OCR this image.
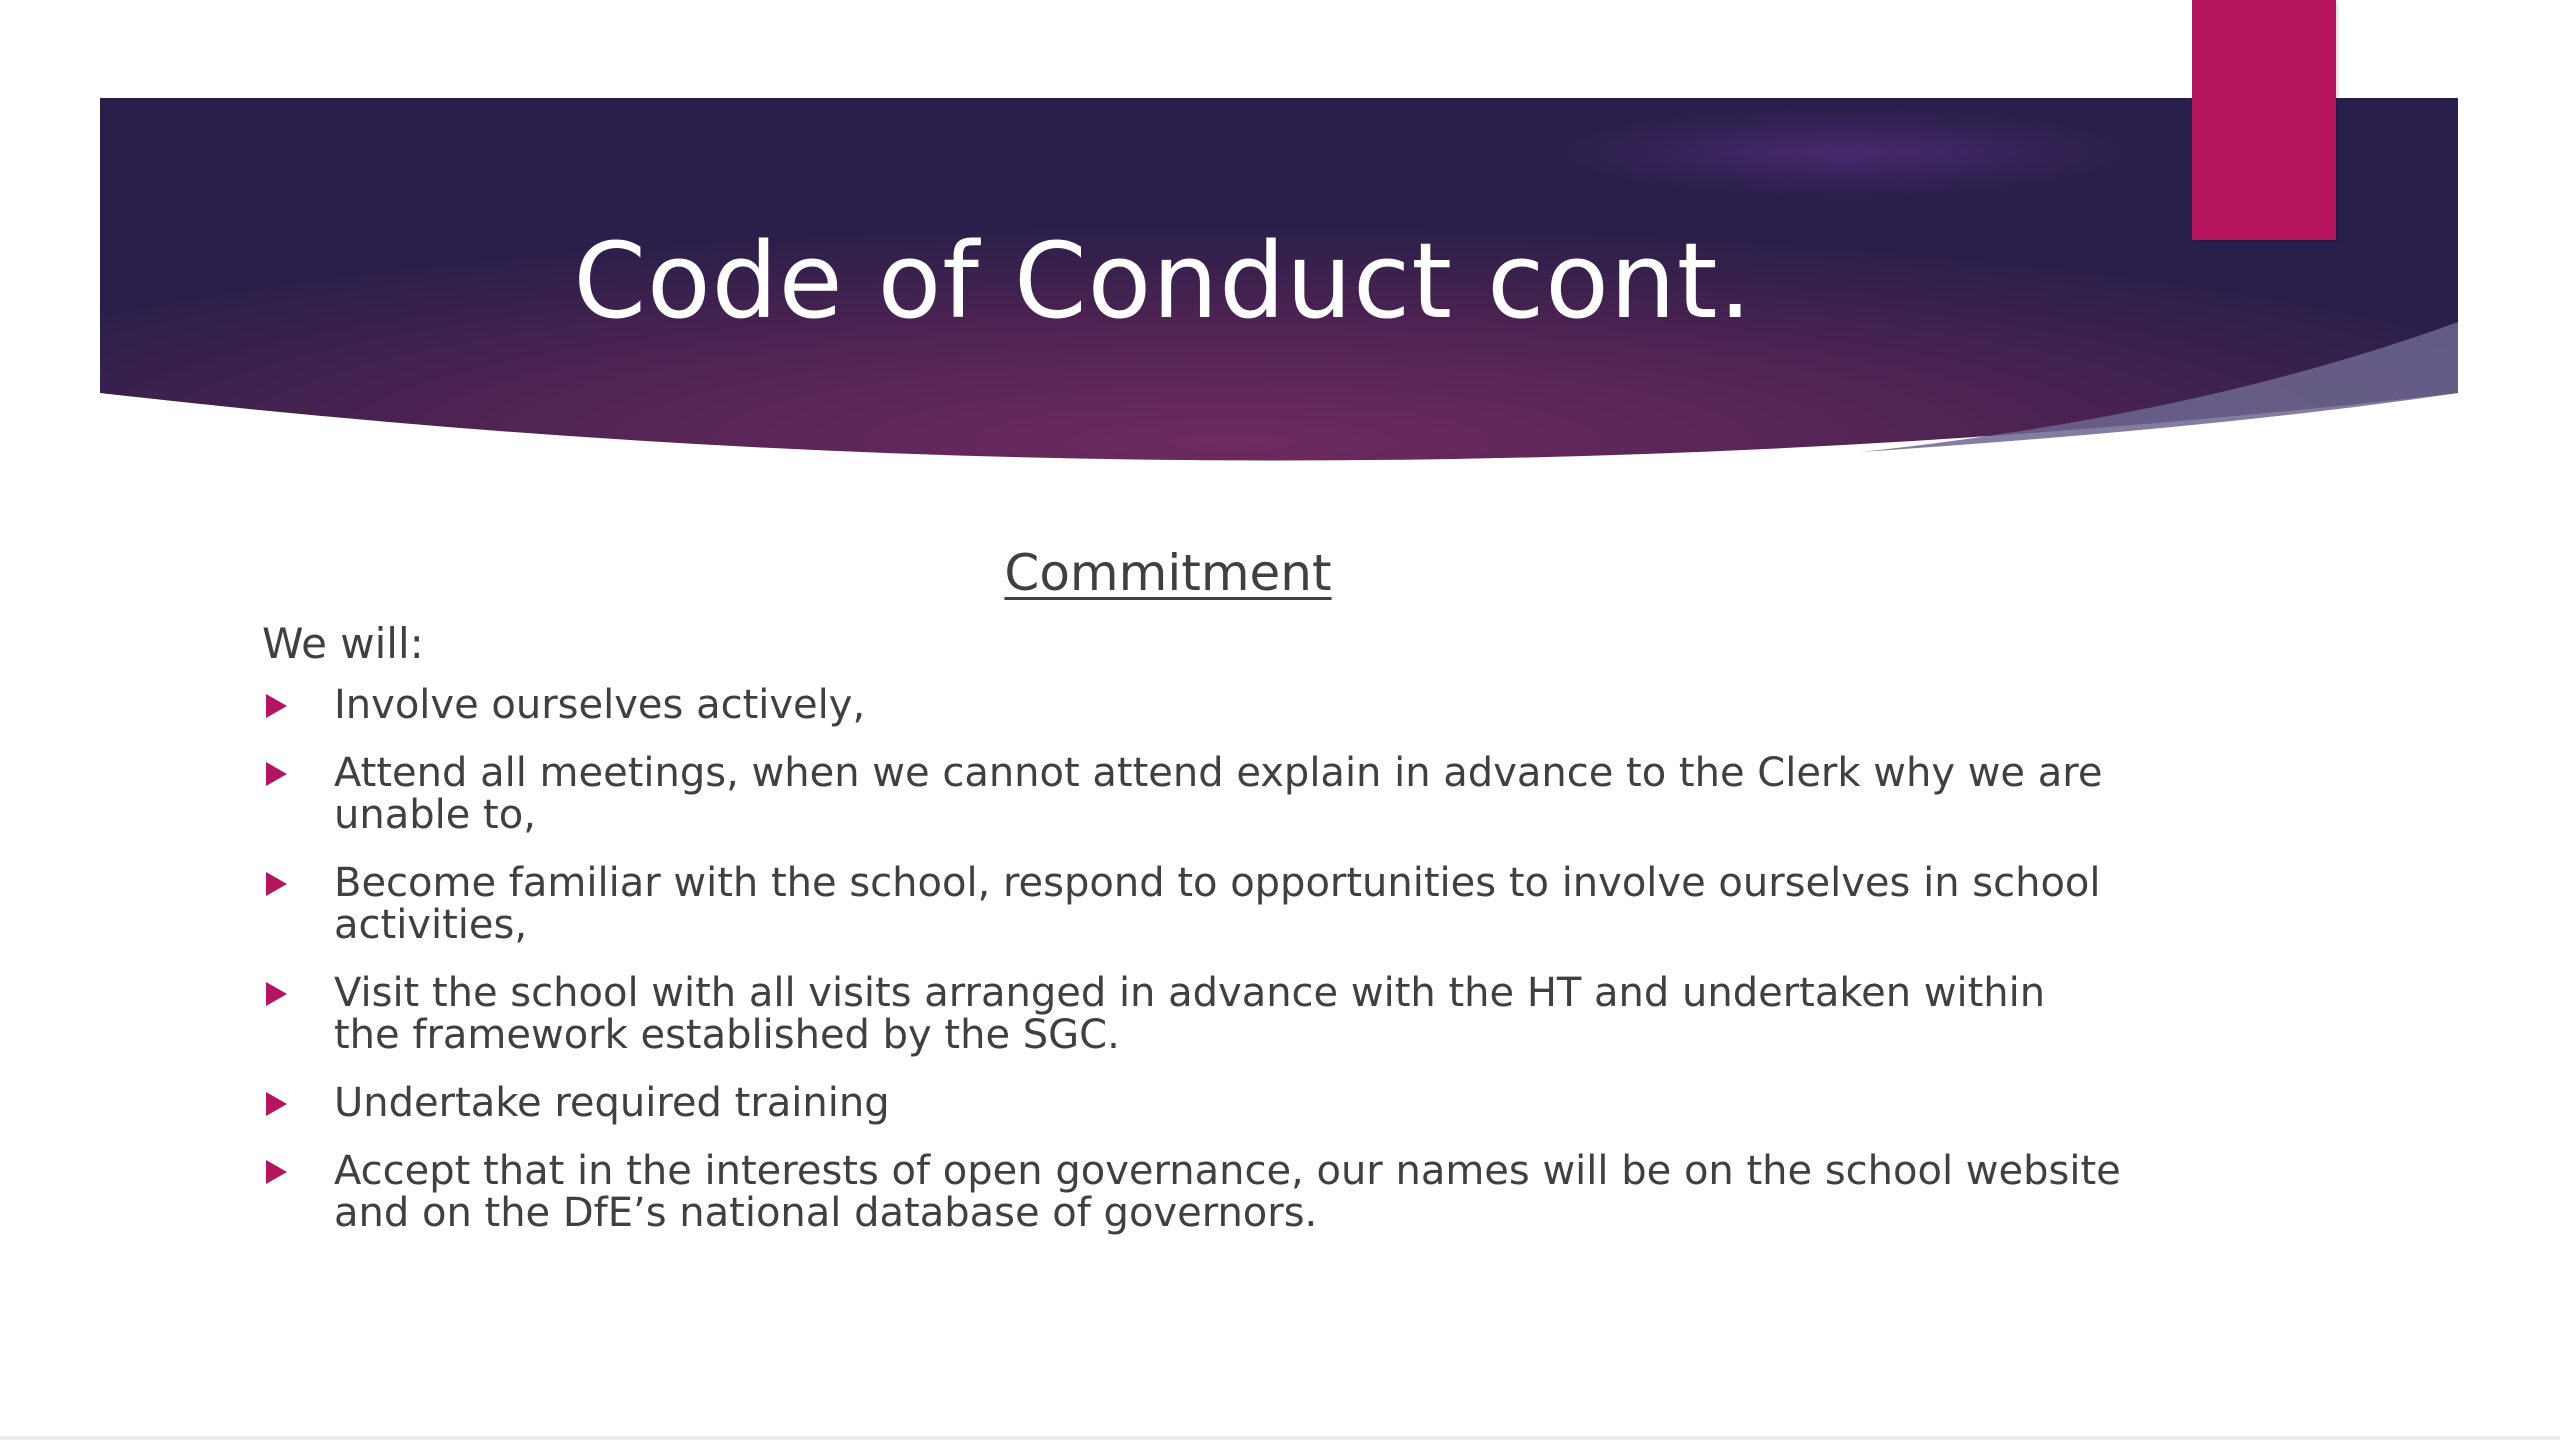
Code of Conduct cont.
Commitment
We will:
Involve ourselves actively,
Attend all meetings, when we cannot attend explain in advance to the Clerk why we are unable to,
Become familiar with the school, respond to opportunities to involve ourselves in school activities,
Visit the school with all visits arranged in advance with the HT and undertaken within the framework established by the SGC.
Undertake required training
Accept that in the interests of open governance, our names will be on the school website and on the DfE’s national database of governors.
